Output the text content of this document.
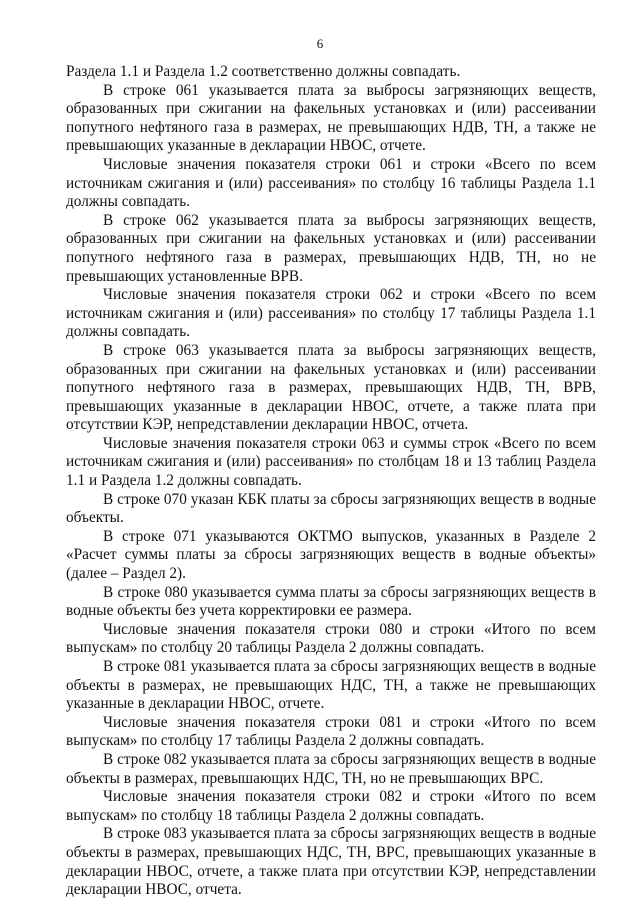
6

Раздела 1.1 и Раздела 1.2 соответственно должны совпадать.

В строке 061 указывается плата за выбросы загрязняющих веществ, образованных при сжигании на факельных установках и (или) рассеивании попутного нефтяного газа в размерах, не превышающих НДВ, ТН, а также не превышающих указанные в декларации НВОС, отчете.

Числовые значения показателя строки 061 и строки «Всего по всем источникам сжигания и (или) рассеивания» по столбцу 16 таблицы Раздела 1.1 должны совпадать.

В строке 062 указывается плата за выбросы загрязняющих веществ, образованных при сжигании на факельных установках и (или) рассеивании попутного нефтяного газа в размерах, превышающих НДВ, ТН, но не превышающих установленные ВРВ.

Числовые значения показателя строки 062 и строки «Всего по всем источникам сжигания и (или) рассеивания» по столбцу 17 таблицы Раздела 1.1 должны совпадать.

В строке 063 указывается плата за выбросы загрязняющих веществ, образованных при сжигании на факельных установках и (или) рассеивании попутного нефтяного газа в размерах, превышающих НДВ, ТН, ВРВ, превышающих указанные в декларации НВОС, отчете, а также плата при отсутствии КЭР, непредставлении декларации НВОС, отчета.

Числовые значения показателя строки 063 и суммы строк «Всего по всем источникам сжигания и (или) рассеивания» по столбцам 18 и 13 таблиц Раздела 1.1 и Раздела 1.2 должны совпадать.

В строке 070 указан КБК платы за сбросы загрязняющих веществ в водные объекты.

В строке 071 указываются ОКТМО выпусков, указанных в Разделе 2 «Расчет суммы платы за сбросы загрязняющих веществ в водные объекты» (далее – Раздел 2).

В строке 080 указывается сумма платы за сбросы загрязняющих веществ в водные объекты без учета корректировки ее размера.

Числовые значения показателя строки 080 и строки «Итого по всем выпускам» по столбцу 20 таблицы Раздела 2 должны совпадать.

В строке 081 указывается плата за сбросы загрязняющих веществ в водные объекты в размерах, не превышающих НДС, ТН, а также не превышающих указанные в декларации НВОС, отчете.

Числовые значения показателя строки 081 и строки «Итого по всем выпускам» по столбцу 17 таблицы Раздела 2 должны совпадать.

В строке 082 указывается плата за сбросы загрязняющих веществ в водные объекты в размерах, превышающих НДС, ТН, но не превышающих ВРС.

Числовые значения показателя строки 082 и строки «Итого по всем выпускам» по столбцу 18 таблицы Раздела 2 должны совпадать.

В строке 083 указывается плата за сбросы загрязняющих веществ в водные объекты в размерах, превышающих НДС, ТН, ВРС, превышающих указанные в декларации НВОС, отчете, а также плата при отсутствии КЭР, непредставлении декларации НВОС, отчета.
